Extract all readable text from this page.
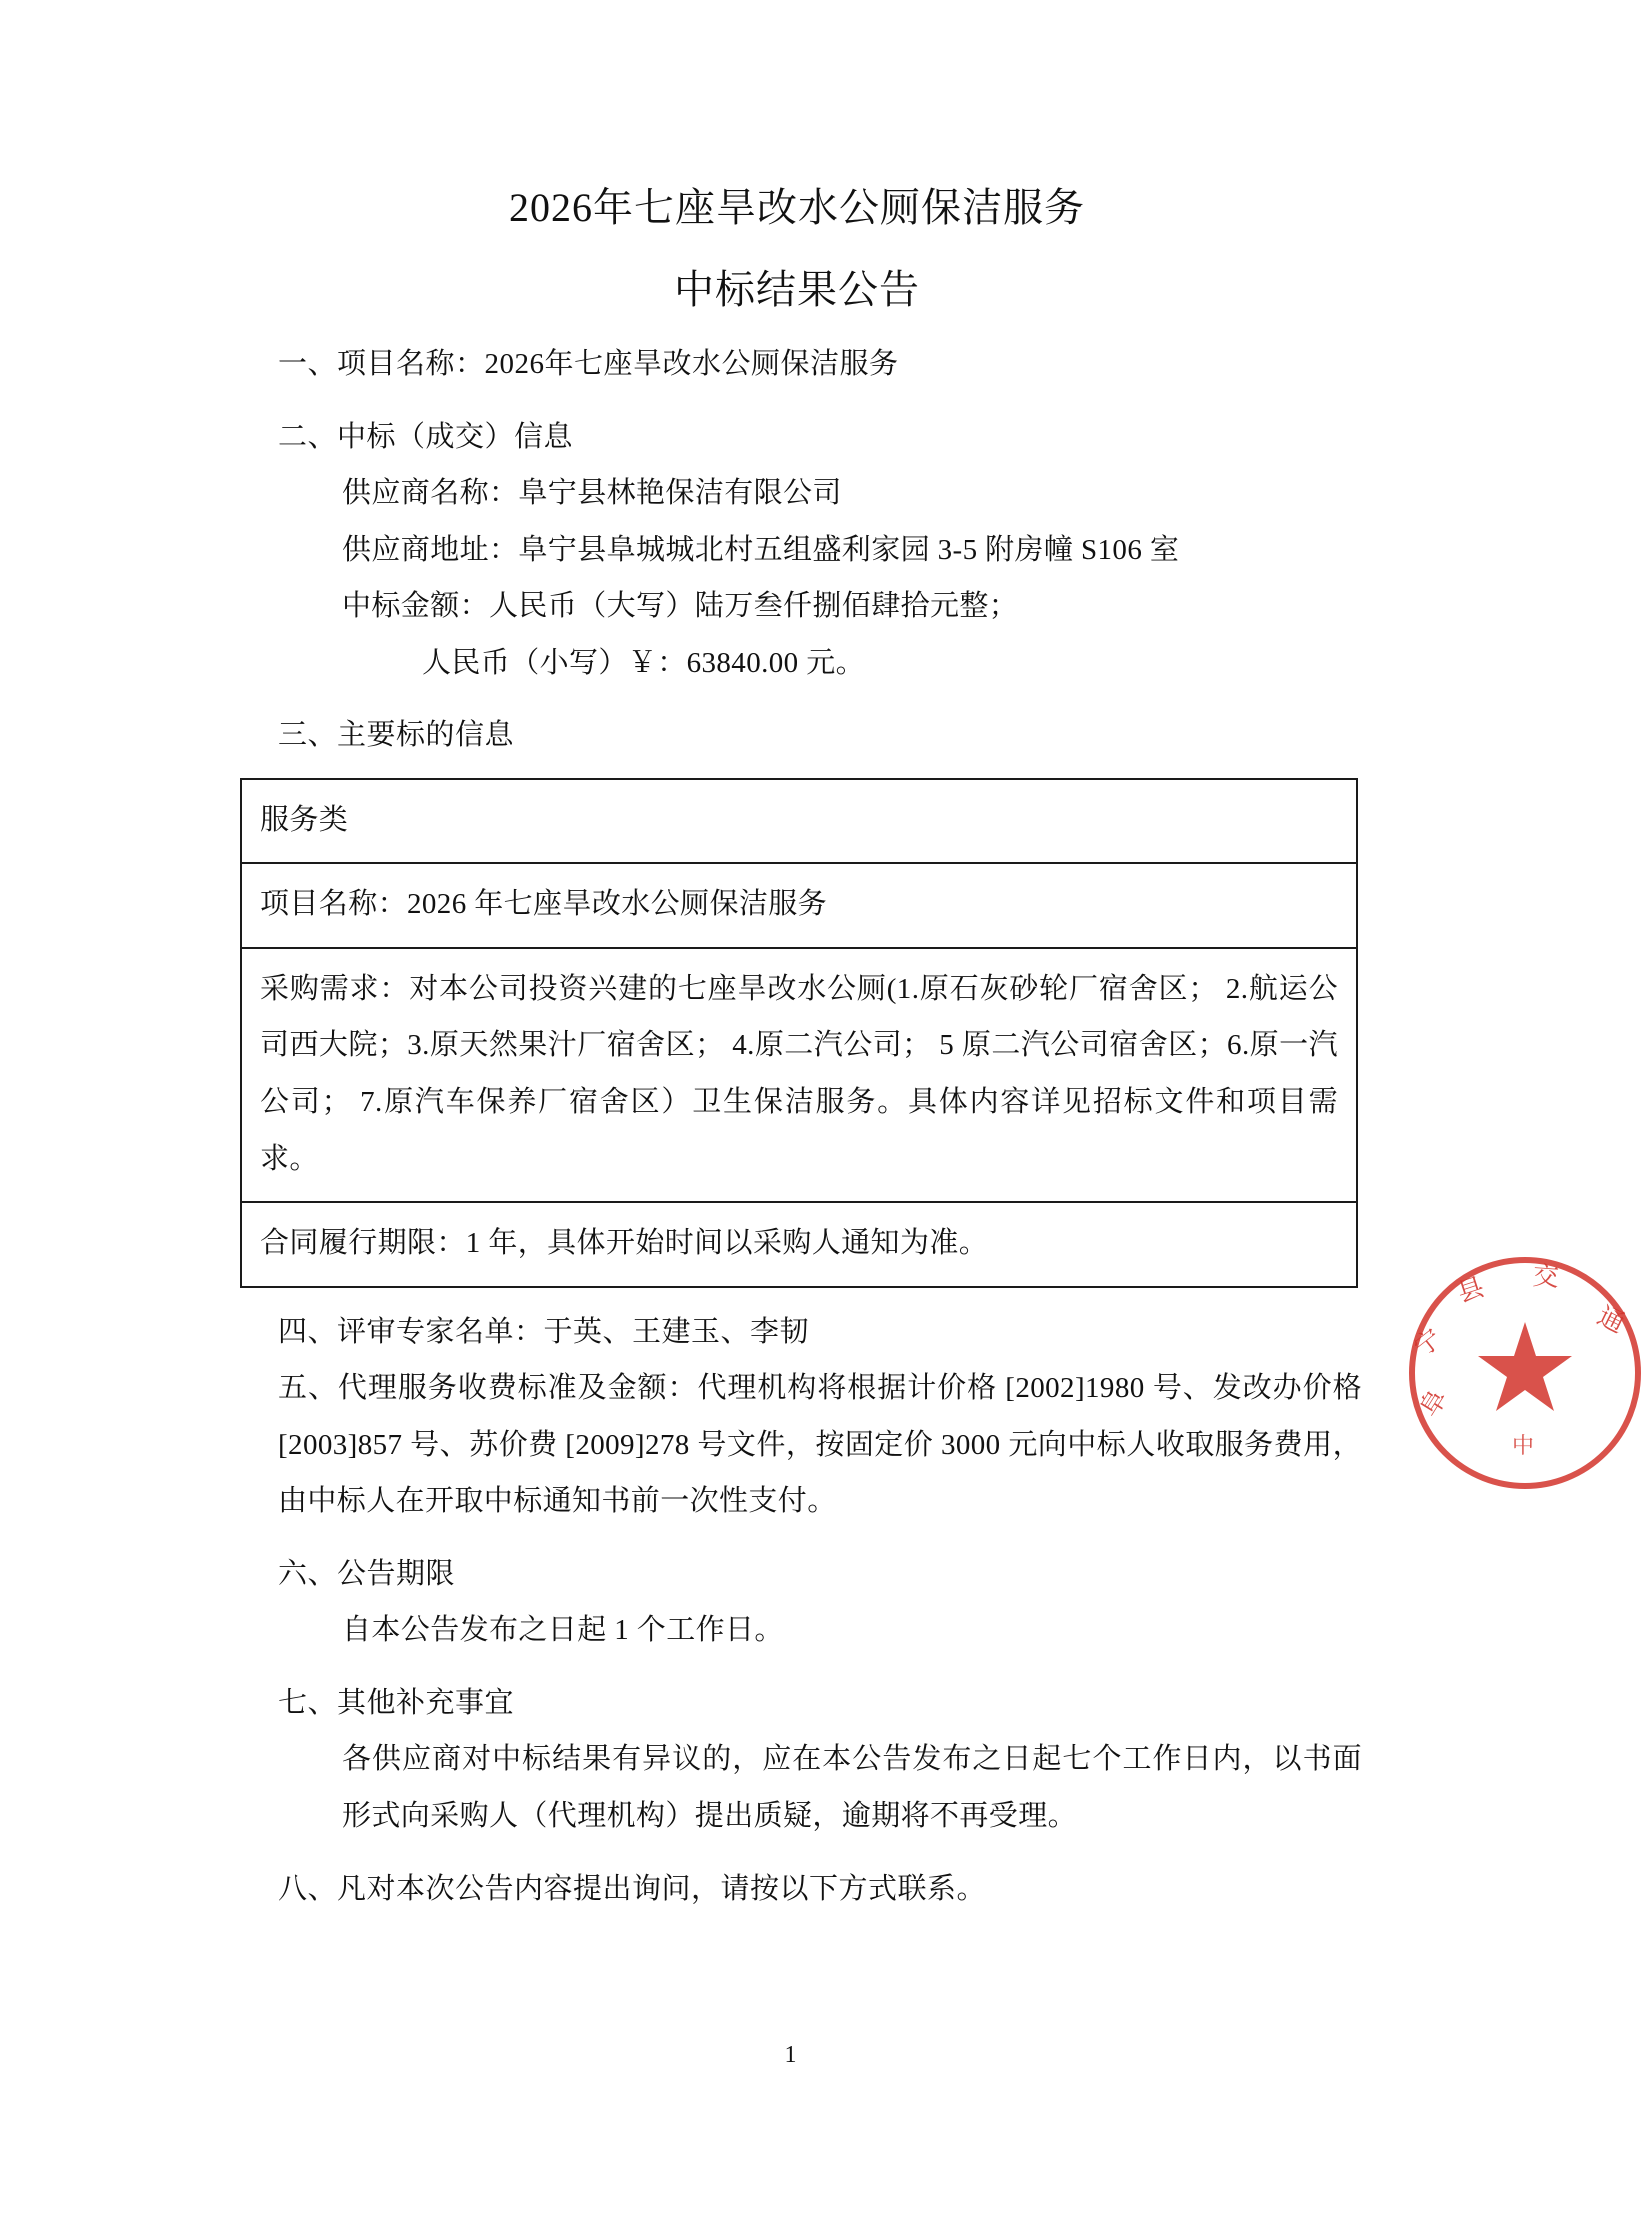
2026年七座旱改水公厕保洁服务
中标结果公告
一、项目名称：2026年七座旱改水公厕保洁服务
二、中标（成交）信息
供应商名称：阜宁县林艳保洁有限公司
供应商地址：阜宁县阜城城北村五组盛利家园 3-5 附房幢 S106 室
中标金额：人民币（大写）陆万叁仟捌佰肆拾元整；
人民币（小写）￥：63840.00 元。
三、主要标的信息
服务类
项目名称：2026 年七座旱改水公厕保洁服务
采购需求：对本公司投资兴建的七座旱改水公厕(1.原石灰砂轮厂宿舍区； 2.航运公司西大院；3.原天然果汁厂宿舍区； 4.原二汽公司； 5 原二汽公司宿舍区；6.原一汽公司； 7.原汽车保养厂宿舍区）卫生保洁服务。具体内容详见招标文件和项目需求。
合同履行期限：1 年，具体开始时间以采购人通知为准。
四、评审专家名单：于英、王建玉、李韧
五、代理服务收费标准及金额：代理机构将根据计价格 [2002]1980 号、发改办价格 [2003]857 号、苏价费 [2009]278 号文件，按固定价 3000 元向中标人收取服务费用，由中标人在开取中标通知书前一次性支付。
六、公告期限
自本公告发布之日起 1 个工作日。
七、其他补充事宜
各供应商对中标结果有异议的，应在本公告发布之日起七个工作日内，以书面形式向采购人（代理机构）提出质疑，逾期将不再受理。
八、凡对本次公告内容提出询问，请按以下方式联系。
阜
宁
县 交
通
中
1
